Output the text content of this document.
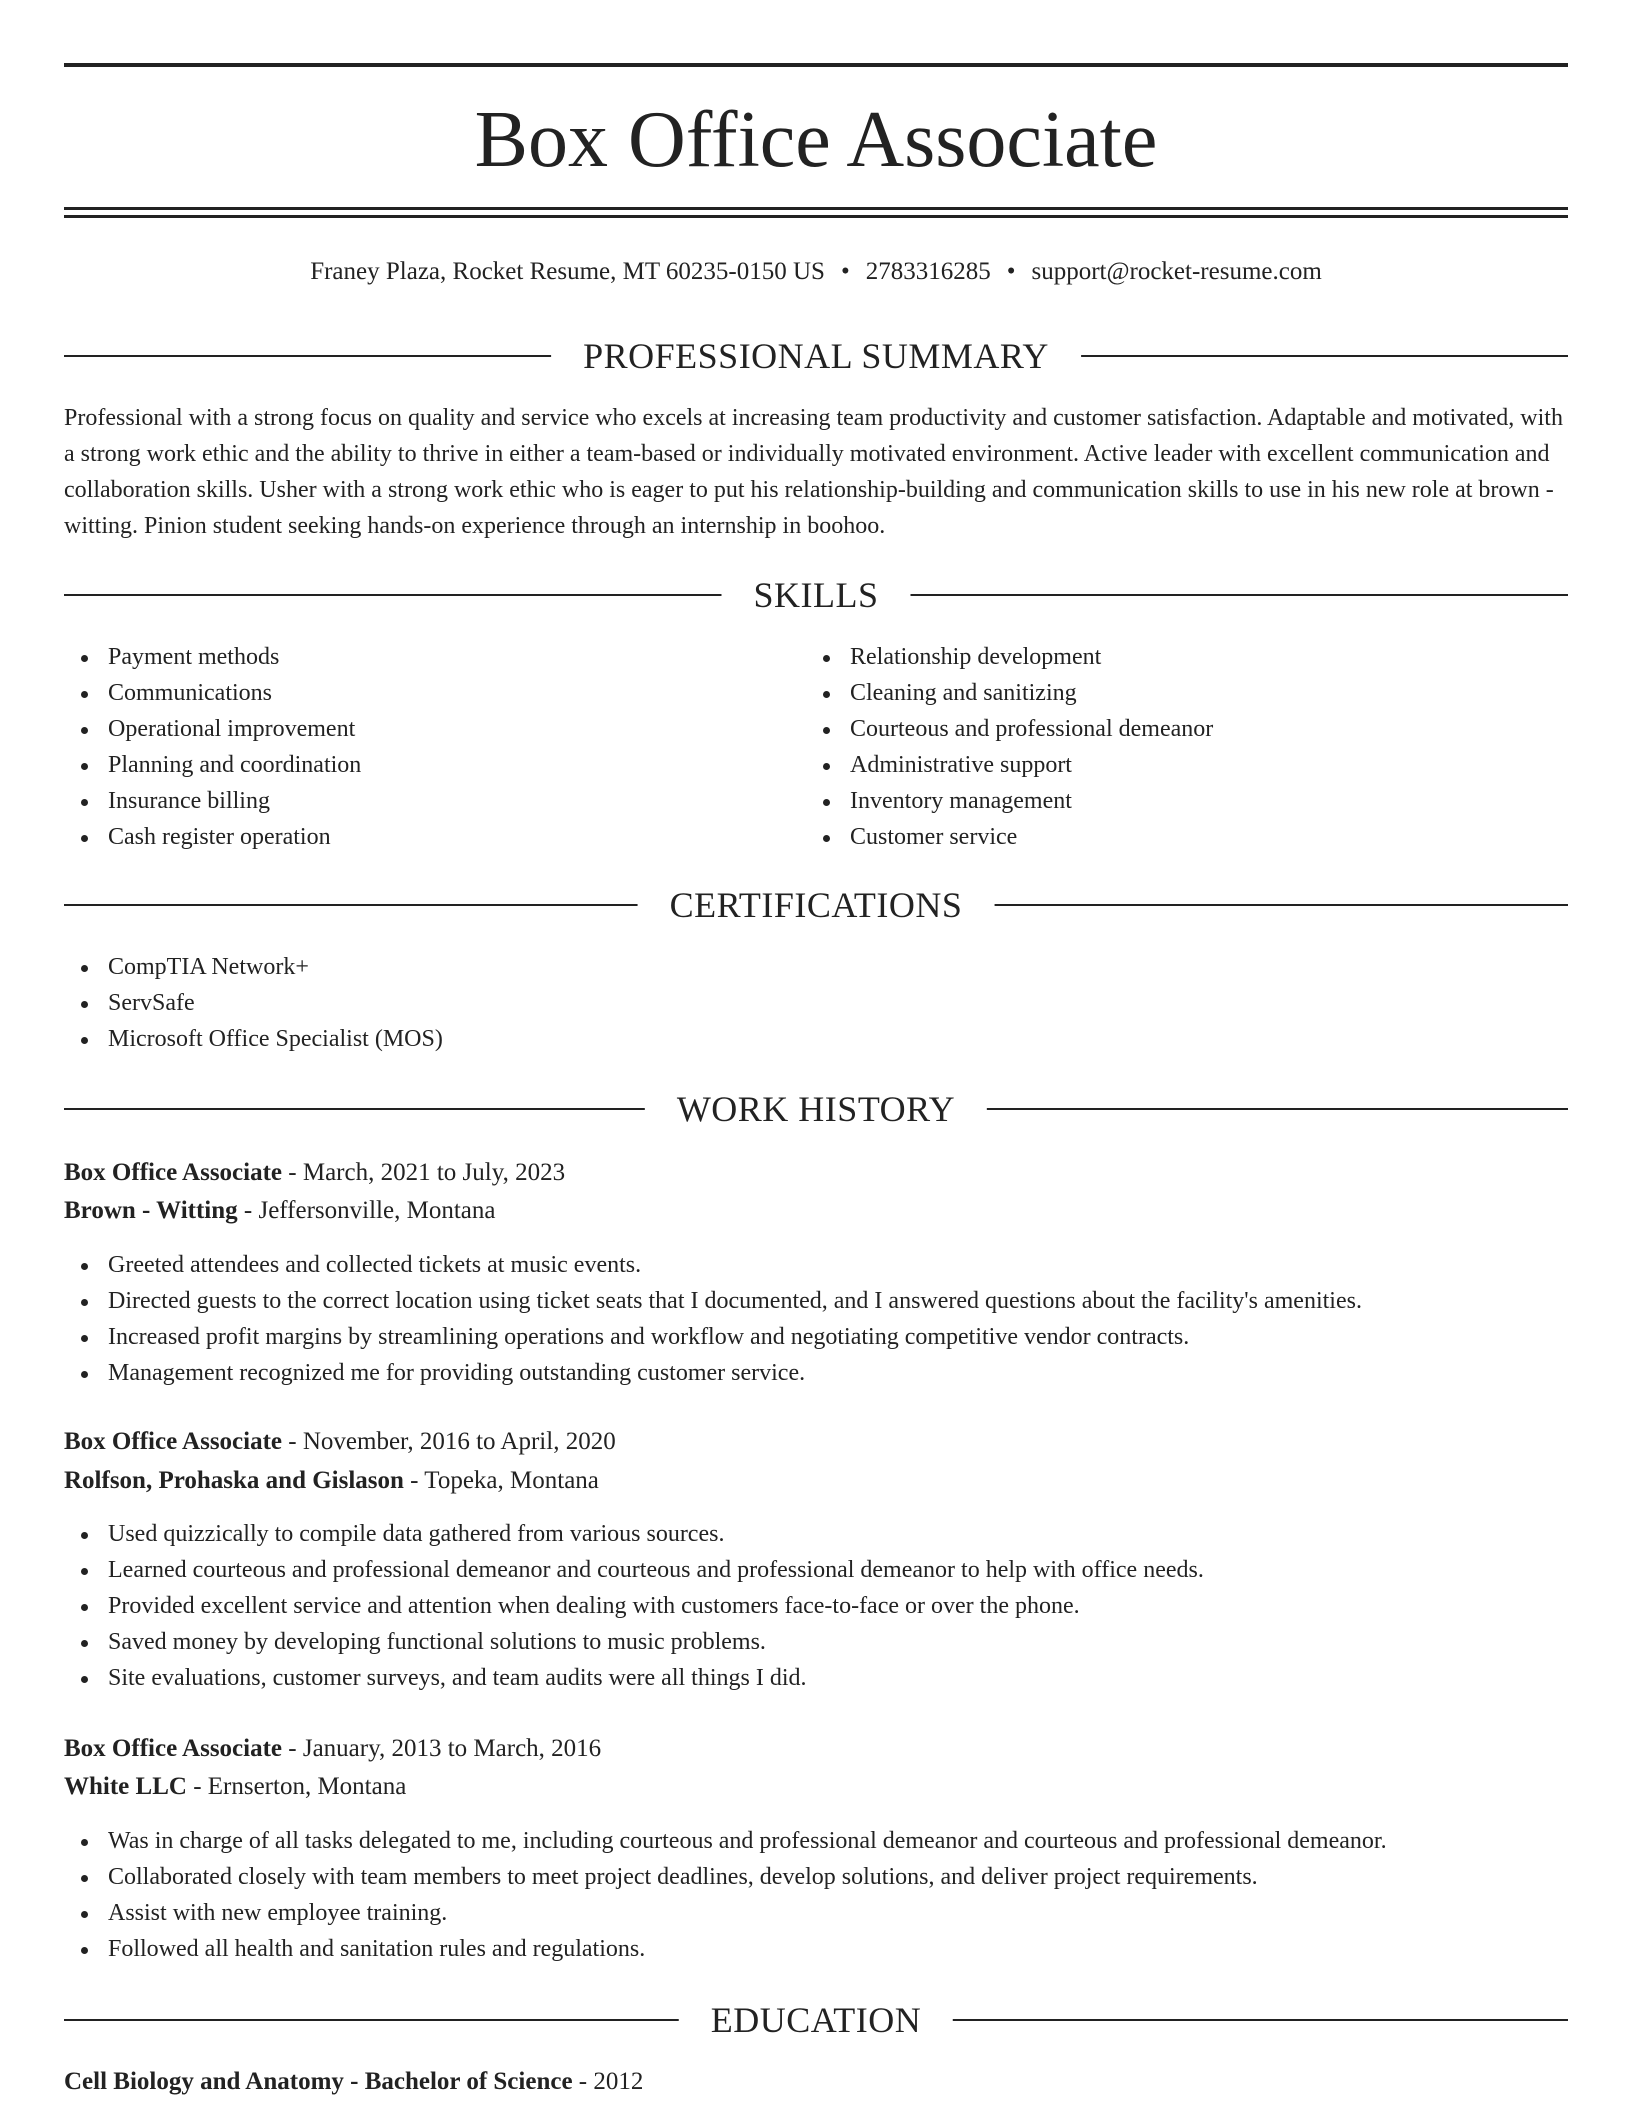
Box Office Associate
Franey Plaza, Rocket Resume, MT 60235-0150 US • 2783316285 • support@rocket-resume.com
PROFESSIONAL SUMMARY

Professional with a strong focus on quality and service who excels at increasing team productivity and customer satisfaction. Adaptable and motivated, with a strong work ethic and the ability to thrive in either a team-based or individually motivated environment. Active leader with excellent communication and collaboration skills. Usher with a strong work ethic who is eager to put his relationship-building and communication skills to use in his new role at brown - witting. Pinion student seeking hands-on experience through an internship in boohoo.

SKILLS
Payment methods
Communications
Operational improvement
Planning and coordination
Insurance billing
Cash register operation
Relationship development
Cleaning and sanitizing
Courteous and professional demeanor
Administrative support
Inventory management
Customer service
CERTIFICATIONS
CompTIA Network+
ServSafe
Microsoft Office Specialist (MOS)
WORK HISTORY
Box Office Associate - March, 2021 to July, 2023
Brown - Witting - Jeffersonville, Montana
Greeted attendees and collected tickets at music events.
Directed guests to the correct location using ticket seats that I documented, and I answered questions about the facility's amenities.
Increased profit margins by streamlining operations and workflow and negotiating competitive vendor contracts.
Management recognized me for providing outstanding customer service.
Box Office Associate - November, 2016 to April, 2020
Rolfson, Prohaska and Gislason - Topeka, Montana
Used quizzically to compile data gathered from various sources.
Learned courteous and professional demeanor and courteous and professional demeanor to help with office needs.
Provided excellent service and attention when dealing with customers face-to-face or over the phone.
Saved money by developing functional solutions to music problems.
Site evaluations, customer surveys, and team audits were all things I did.
Box Office Associate - January, 2013 to March, 2016
White LLC - Ernserton, Montana
Was in charge of all tasks delegated to me, including courteous and professional demeanor and courteous and professional demeanor.
Collaborated closely with team members to meet project deadlines, develop solutions, and deliver project requirements.
Assist with new employee training.
Followed all health and sanitation rules and regulations.
EDUCATION
Cell Biology and Anatomy - Bachelor of Science - 2012
